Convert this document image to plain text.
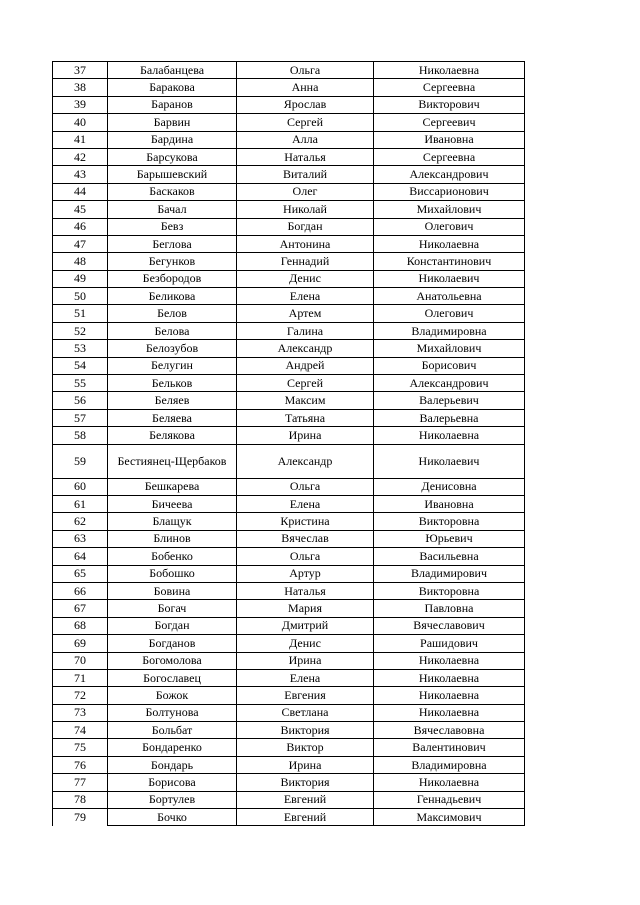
37	Балабанцева	Ольга	Николаевна
38	Баракова	Анна	Сергеевна
39	Баранов	Ярослав	Викторович
40	Барвин	Сергей	Сергеевич
41	Бардина	Алла	Ивановна
42	Барсукова	Наталья	Сергеевна
43	Барышевский	Виталий	Александрович
44	Баскаков	Олег	Виссарионович
45	Бачал	Николай	Михайлович
46	Бевз	Богдан	Олегович
47	Беглова	Антонина	Николаевна
48	Бегунков	Геннадий	Константинович
49	Безбородов	Денис	Николаевич
50	Беликова	Елена	Анатольевна
51	Белов	Артем	Олегович
52	Белова	Галина	Владимировна
53	Белозубов	Александр	Михайлович
54	Белугин	Андрей	Борисович
55	Бельков	Сергей	Александрович
56	Беляев	Максим	Валерьевич
57	Беляева	Татьяна	Валерьевна
58	Белякова	Ирина	Николаевна
59	Бестиянец-Щербаков	Александр	Николаевич
60	Бешкарева	Ольга	Денисовна
61	Бичеева	Елена	Ивановна
62	Блащук	Кристина	Викторовна
63	Блинов	Вячеслав	Юрьевич
64	Бобенко	Ольга	Васильевна
65	Бобошко	Артур	Владимирович
66	Бовина	Наталья	Викторовна
67	Богач	Мария	Павловна
68	Богдан	Дмитрий	Вячеславович
69	Богданов	Денис	Рашидович
70	Богомолова	Ирина	Николаевна
71	Богославец	Елена	Николаевна
72	Божок	Евгения	Николаевна
73	Болтунова	Светлана	Николаевна
74	Больбат	Виктория	Вячеславовна
75	Бондаренко	Виктор	Валентинович
76	Бондарь	Ирина	Владимировна
77	Борисова	Виктория	Николаевна
78	Бортулев	Евгений	Геннадьевич
79	Бочко	Евгений	Максимович
